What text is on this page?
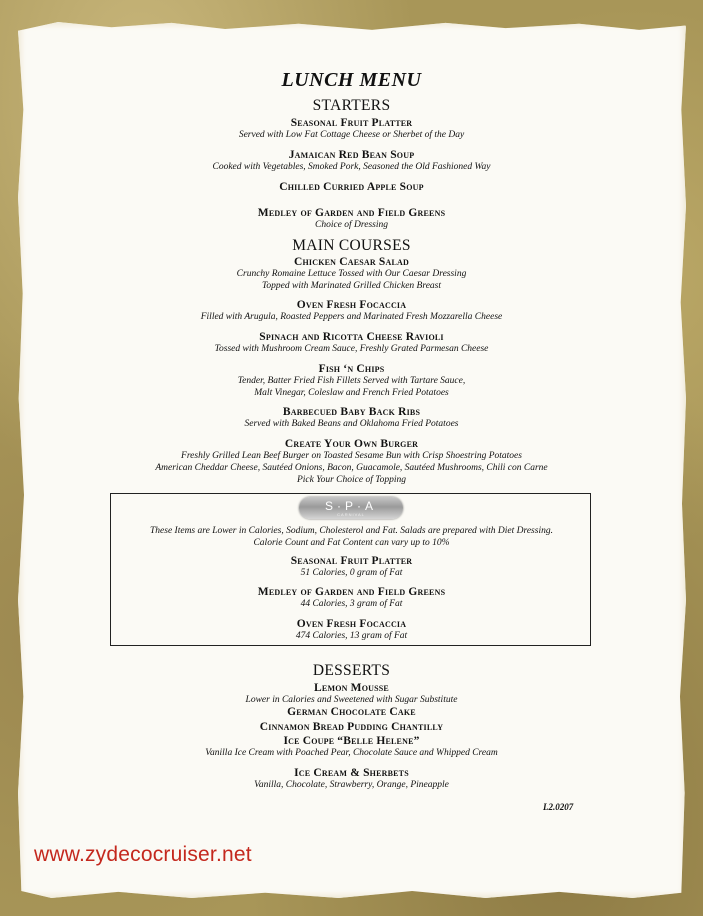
LUNCH MENU
STARTERS
Seasonal Fruit Platter
Served with Low Fat Cottage Cheese or Sherbet of the Day
Jamaican Red Bean Soup
Cooked with Vegetables, Smoked Pork, Seasoned the Old Fashioned Way
Chilled Curried Apple Soup
Medley of Garden and Field Greens
Choice of Dressing
MAIN COURSES
Chicken Caesar Salad
Crunchy Romaine Lettuce Tossed with Our Caesar Dressing
Topped with Marinated Grilled Chicken Breast
Oven Fresh Focaccia
Filled with Arugula, Roasted Peppers and Marinated Fresh Mozzarella Cheese
Spinach and Ricotta Cheese Ravioli
Tossed with Mushroom Cream Sauce, Freshly Grated Parmesan Cheese
Fish ‘n Chips
Tender, Batter Fried Fish Fillets Served with Tartare Sauce,
Malt Vinegar, Coleslaw and French Fried Potatoes
Barbecued Baby Back Ribs
Served with Baked Beans and Oklahoma Fried Potatoes
Create Your Own Burger
Freshly Grilled Lean Beef Burger on Toasted Sesame Bun with Crisp Shoestring Potatoes
American Cheddar Cheese, Sautéed Onions, Bacon, Guacamole, Sautéed Mushrooms, Chili con Carne
Pick Your Choice of Topping
S·P·A
CARNIVAL
These Items are Lower in Calories, Sodium, Cholesterol and Fat. Salads are prepared with Diet Dressing.
Calorie Count and Fat Content can vary up to 10%
Seasonal Fruit Platter
51 Calories, 0 gram of Fat
Medley of Garden and Field Greens
44 Calories, 3 gram of Fat
Oven Fresh Focaccia
474 Calories, 13 gram of Fat
DESSERTS
Lemon Mousse
Lower in Calories and Sweetened with Sugar Substitute
German Chocolate Cake
Cinnamon Bread Pudding Chantilly
Ice Coupe “Belle Helene”
Vanilla Ice Cream with Poached Pear, Chocolate Sauce and Whipped Cream
Ice Cream & Sherbets
Vanilla, Chocolate, Strawberry, Orange, Pineapple
L2.0207
www.zydecocruiser.net
